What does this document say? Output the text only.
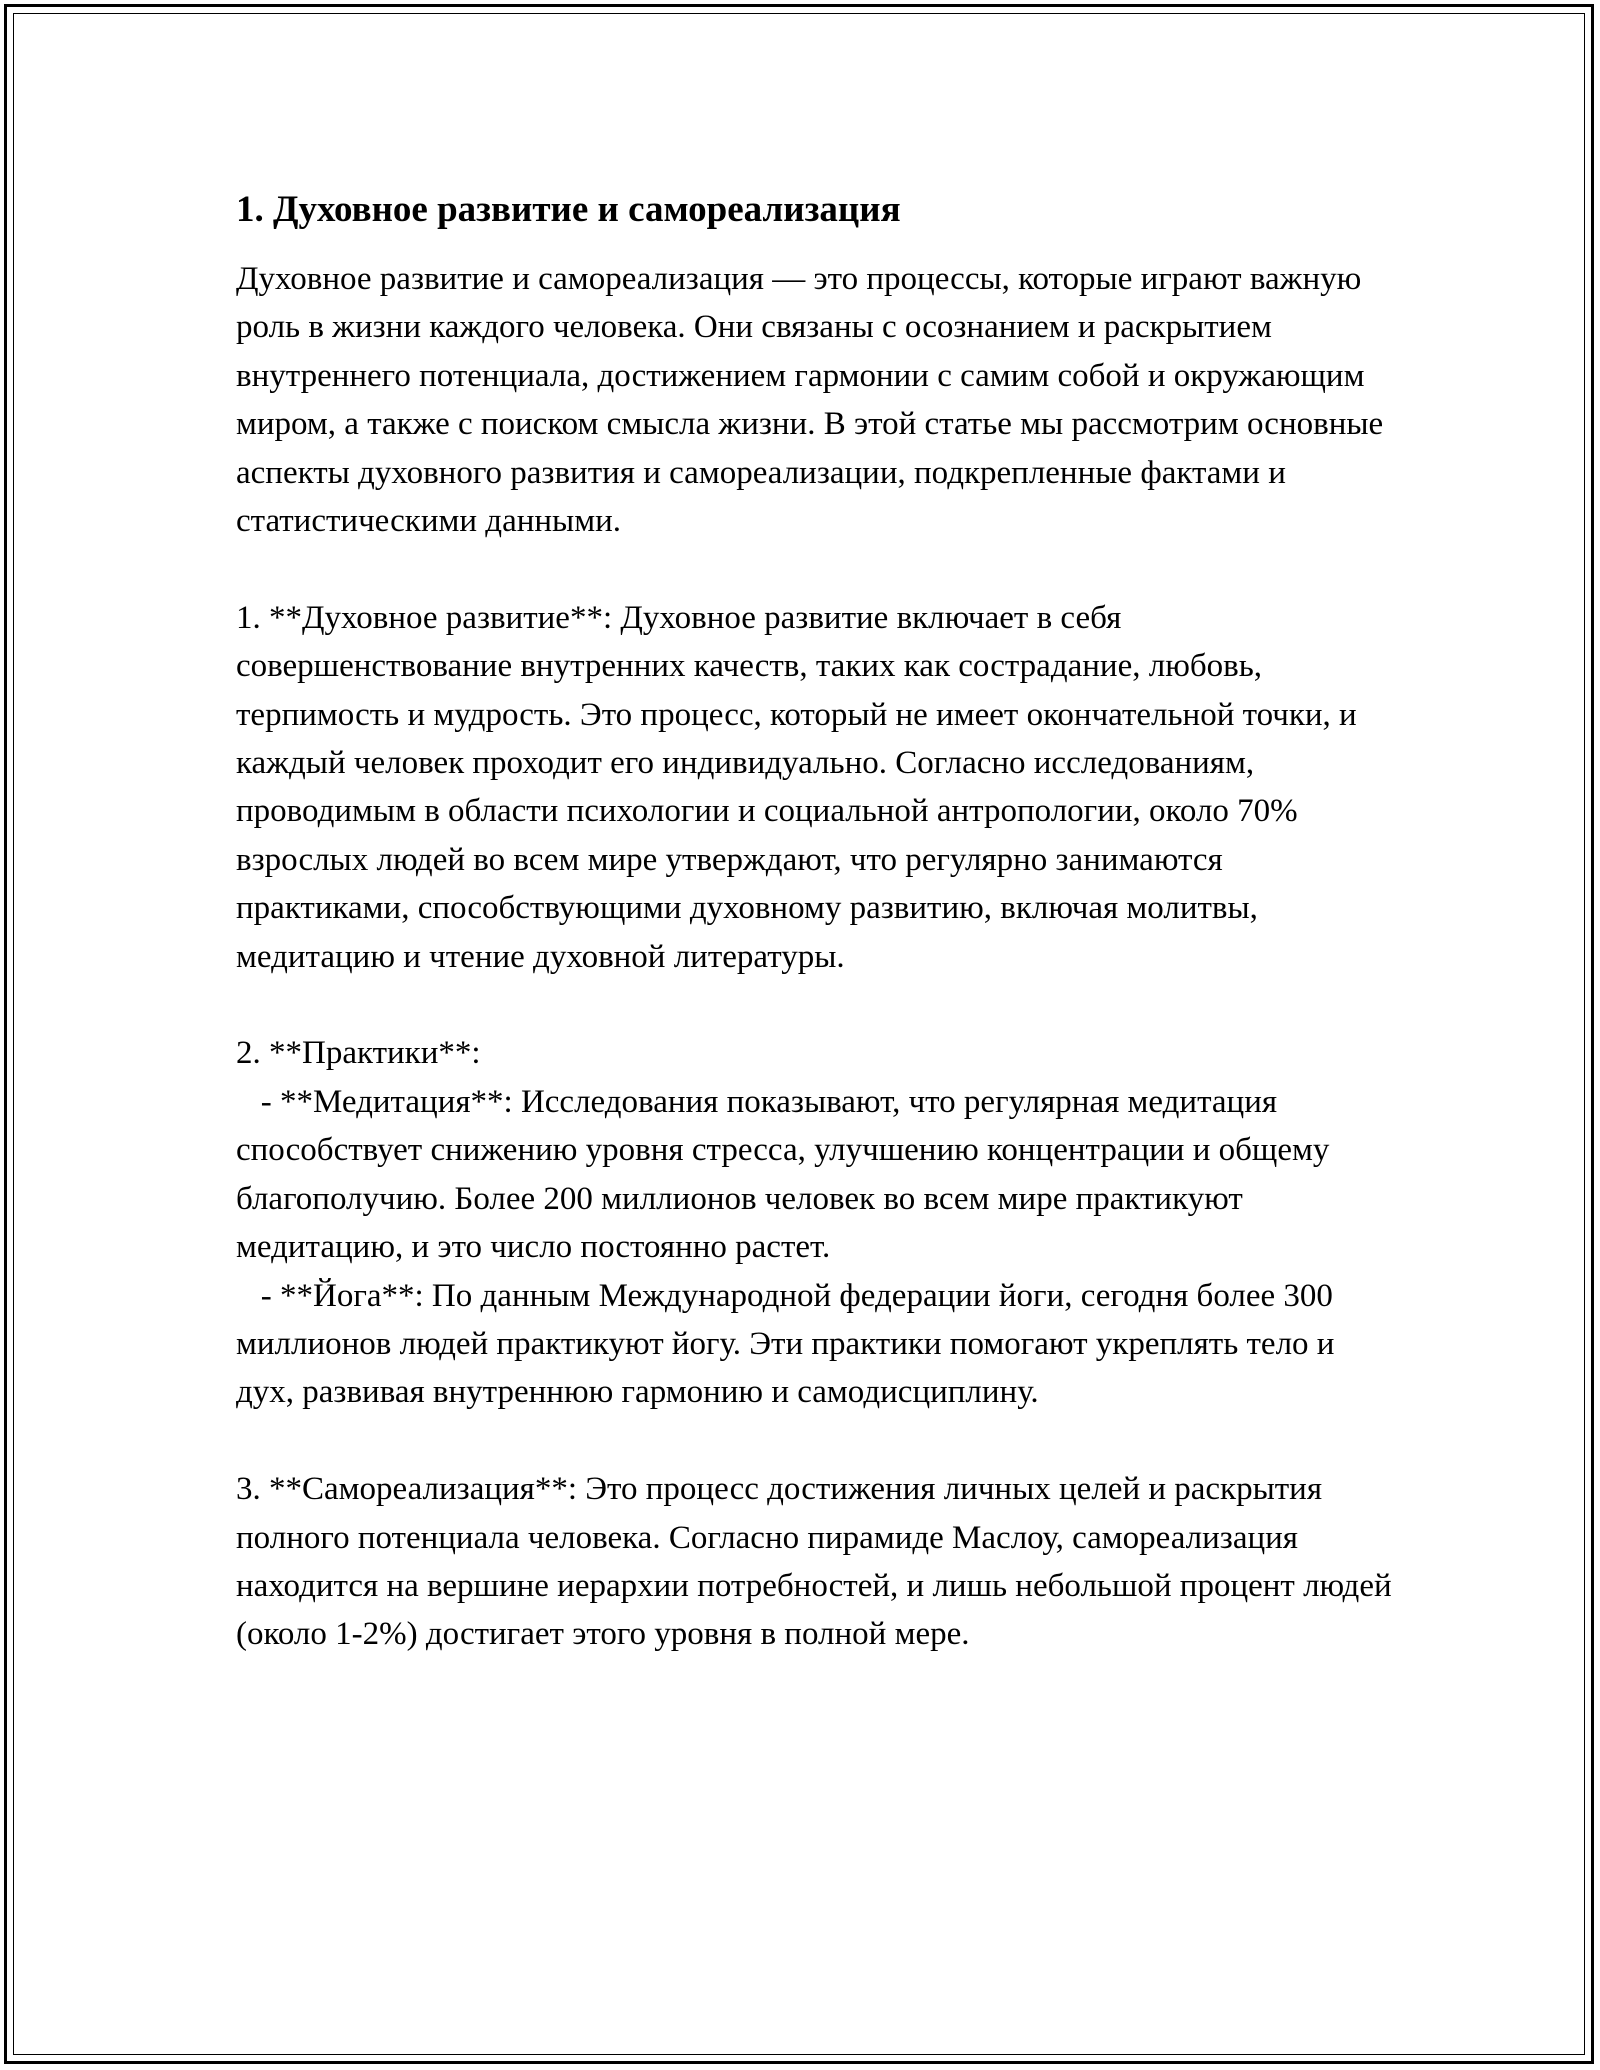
1. Духовное развитие и самореализация

Духовное развитие и самореализация — это процессы, которые играют важную роль в жизни каждого человека. Они связаны с осознанием и раскрытием внутреннего потенциала, достижением гармонии с самим собой и окружающим миром, а также с поиском смысла жизни. В этой статье мы рассмотрим основные аспекты духовного развития и самореализации, подкрепленные фактами и статистическими данными.

1. **Духовное развитие**: Духовное развитие включает в себя совершенствование внутренних качеств, таких как сострадание, любовь, терпимость и мудрость. Это процесс, который не имеет окончательной точки, и каждый человек проходит его индивидуально. Согласно исследованиям, проводимым в области психологии и социальной антропологии, около 70% взрослых людей во всем мире утверждают, что регулярно занимаются практиками, способствующими духовному развитию, включая молитвы, медитацию и чтение духовной литературы.

2. **Практики**:
- **Медитация**: Исследования показывают, что регулярная медитация способствует снижению уровня стресса, улучшению концентрации и общему благополучию. Более 200 миллионов человек во всем мире практикуют медитацию, и это число постоянно растет.
- **Йога**: По данным Международной федерации йоги, сегодня более 300 миллионов людей практикуют йогу. Эти практики помогают укреплять тело и дух, развивая внутреннюю гармонию и самодисциплину.

3. **Самореализация**: Это процесс достижения личных целей и раскрытия полного потенциала человека. Согласно пирамиде Маслоу, самореализация находится на вершине иерархии потребностей, и лишь небольшой процент людей (около 1-2%) достигает этого уровня в полной мере.
